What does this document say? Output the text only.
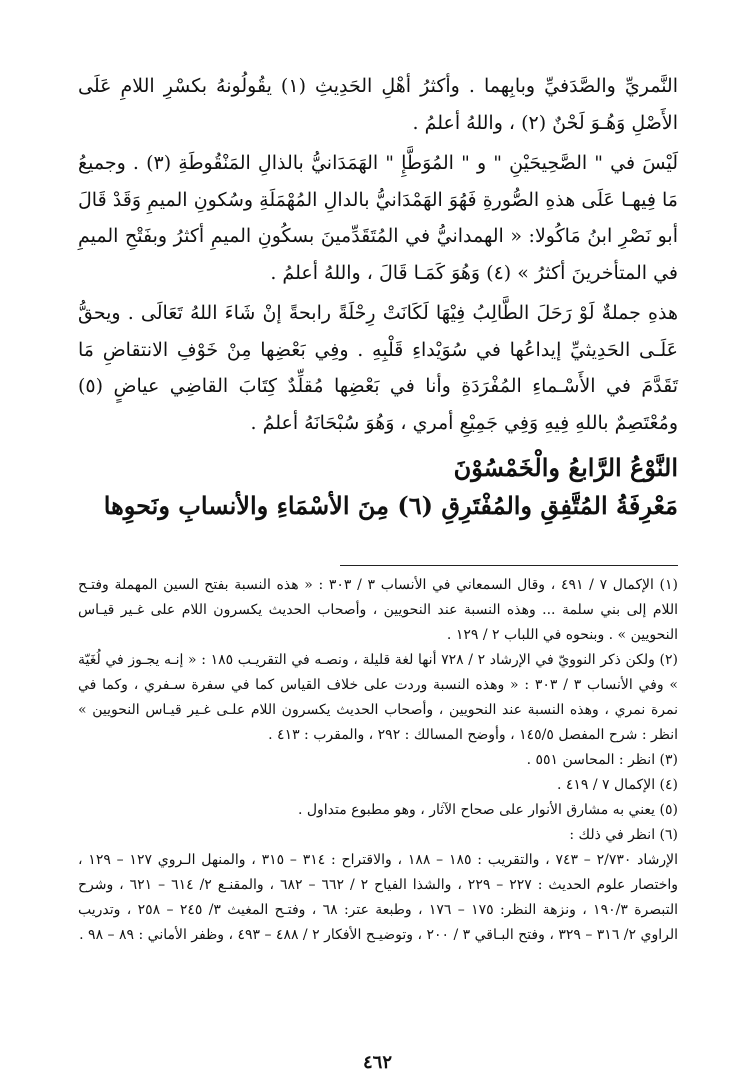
النَّمريِّ والصَّدَفيِّ وبابِهما . وأكثرُ أهْلِ الحَدِيثِ (١) يقُولُونهُ بكسْرِ اللامِ عَلَى الأَصْلِ وَهُـوَ لَحْنٌ (٢) ، واللهُ أعلمُ .

لَيْسَ في " الصَّحِيحَيْنِ " و " المُوَطَّإِ " الهَمَدَانيُّ بالذالِ المَنْقُوطَةِ (٣) . وجميعُ مَا فِيهـا عَلَى هذهِ الصُّورةِ فَهُوَ الهَمْدَانيُّ بالدالِ المُهْمَلَةِ وسُكونِ الميمِ وَقَدْ قَالَ أبو نَصْرِ ابنُ مَاكُولا: « الهمدانيُّ في المُتَقَدِّمينَ بسكُونِ الميمِ أكثرُ وبفَتْحِ الميمِ في المتأخرينَ أكثرُ » (٤) وَهُوَ كَمَـا قَالَ ، واللهُ أعلمُ .

هذهِ جملةٌ لَوْ رَحَلَ الطَّالِبُ فِيْهَا لَكَانَتْ رِحْلَةً رابحةً إنْ شَاءَ اللهُ تَعَالَى . ويحقُّ عَلَـى الحَدِيثيِّ إيداعُها في سُوَيْداءِ قَلْبِهِ . وفِي بَعْضِها مِنْ خَوْفِ الانتقاضِ مَا تَقَدَّمَ في الأَسْـماءِ المُفْرَدَةِ وأنا في بَعْضِها مُقلِّدٌ كِتَابَ القاضِي عياضٍ (٥) ومُعْتَصِمٌ باللهِ فِيهِ وَفِي جَمِيْعِ أمري ، وَهُوَ سُبْحَانَهُ أعلمُ .

النَّوْعُ الرَّابعُ والْخَمْسُوْنَ
مَعْرِفَةُ المُتَّفِقِ والمُفْتَرِقِ (٦) مِنَ الأسْمَاءِ والأنسابِ ونَحوِها

(١) الإكمال ٧ / ٤٩١ ، وقال السمعاني في الأنساب ٣ / ٣٠٣ : « هذه النسبة بفتح السين المهملة وفتـح اللام إلى بني سلمة ... وهذه النسبة عند النحويين ، وأصحاب الحديث يكسرون اللام على غـير قيـاس النحويين » . وبنحوه في اللباب ٢ / ١٢٩ .

(٢) ولكن ذكر النوويّ في الإرشاد ٢ / ٧٢٨ أنها لغة قليلة ، ونصـه في التقريـب ١٨٥ : « إنـه يجـوز في لُغَيّة » وفي الأنساب ٣ / ٣٠٣ : « وهذه النسبة وردت على خلاف القياس كما في سفرة سـفري ، وكما في نمرة نمري ، وهذه النسبة عند النحويين ، وأصحاب الحديث يكسرون اللام علـى غـير قيـاس النحويين » انظر : شرح المفصل ١٤٥/٥ ، وأوضح المسالك : ٢٩٢ ، والمقرب : ٤١٣ .

(٣) انظر : المحاسن ٥٥١ .

(٤) الإكمال ٧ / ٤١٩ .

(٥) يعني به مشارق الأنوار على صحاح الآثار ، وهو مطبوع متداول .

(٦) انظر في ذلك :

الإرشاد ٢/٧٣٠ – ٧٤٣ ، والتقريب : ١٨٥ – ١٨٨ ، والاقتراح : ٣١٤ – ٣١٥ ، والمنهل الـروي ١٢٧ – ١٢٩ ، واختصار علوم الحديث : ٢٢٧ – ٢٢٩ ، والشذا الفياح ٢ / ٦٦٢ – ٦٨٢ ، والمقنـع ٢/ ٦١٤ – ٦٢١ ، وشرح التبصرة ١٩٠/٣ ، ونزهة النظر: ١٧٥ – ١٧٦ ، وطبعة عتر: ٦٨ ، وفتـح المغيث ٣/ ٢٤٥ – ٢٥٨ ، وتدريب الراوي ٢/ ٣١٦ – ٣٢٩ ، وفتح البـاقي ٣ / ٢٠٠ ، وتوضيـح الأفكار ٢ / ٤٨٨ – ٤٩٣ ، وظفر الأماني : ٨٩ – ٩٨ .

٤٦٢
